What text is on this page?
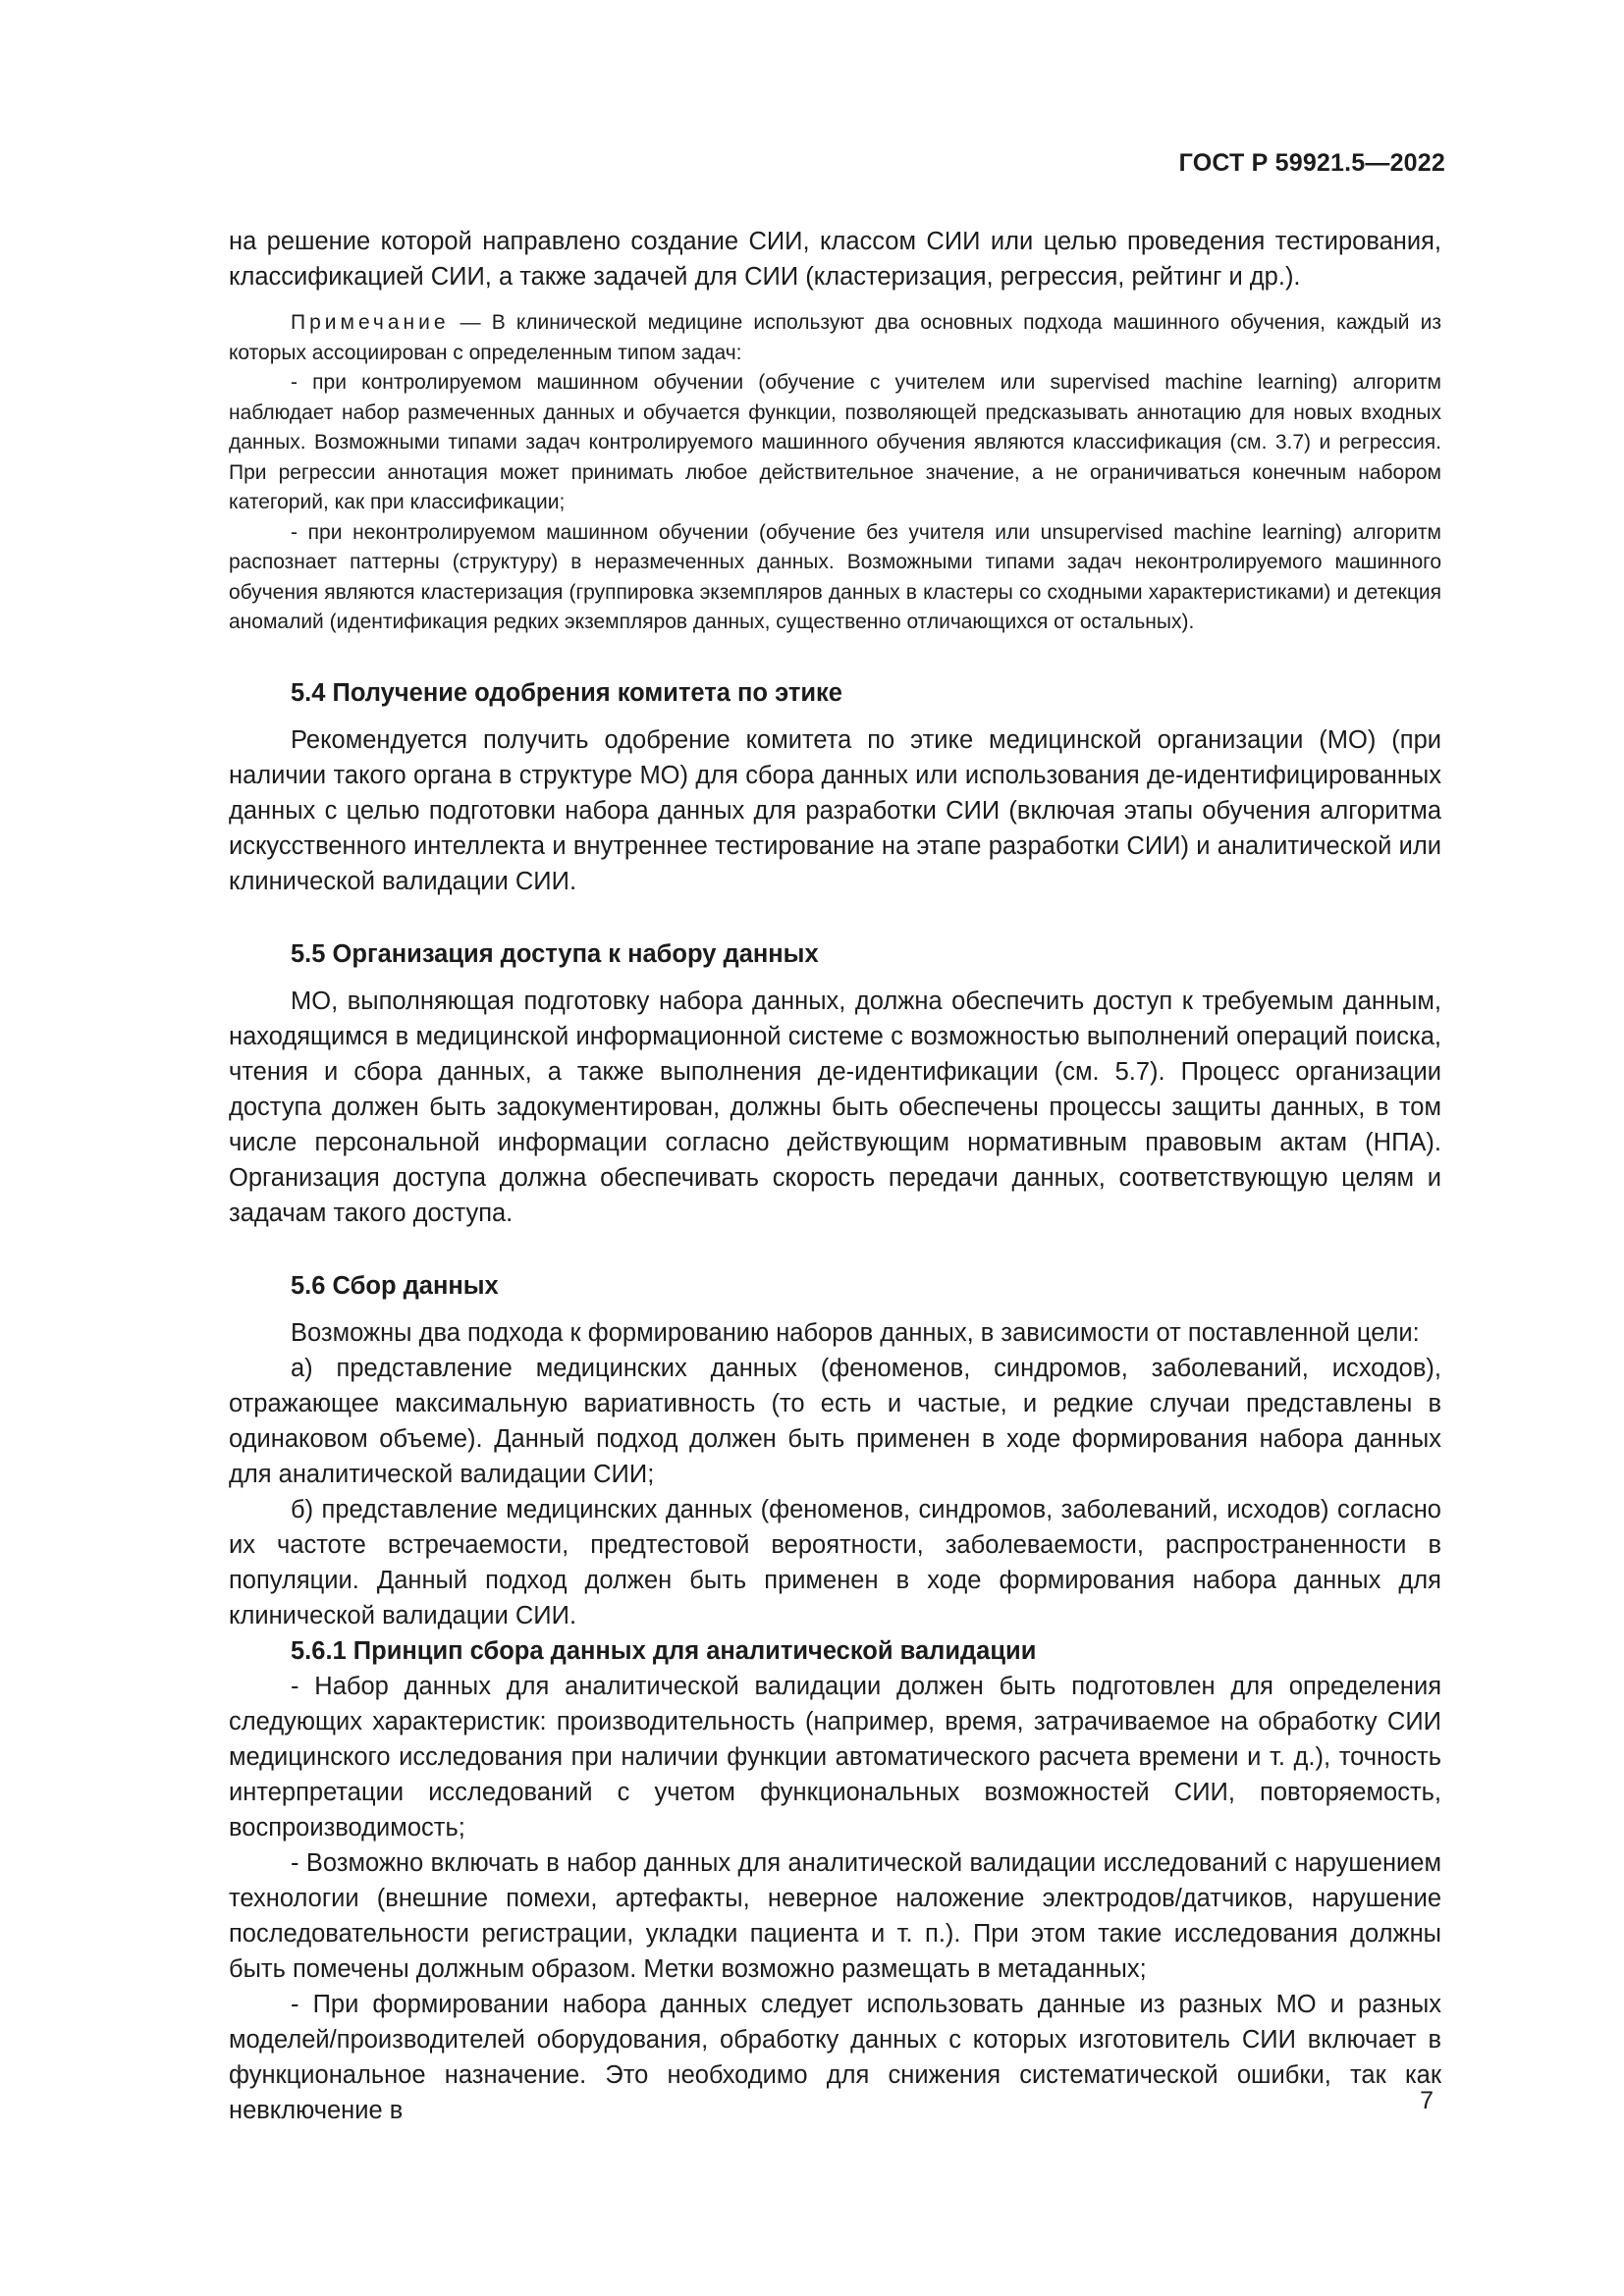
ГОСТ Р 59921.5—2022

на решение которой направлено создание СИИ, классом СИИ или целью проведения тестирования, классификацией СИИ, а также задачей для СИИ (кластеризация, регрессия, рейтинг и др.).

Примечание — В клинической медицине используют два основных подхода машинного обучения, каждый из которых ассоциирован с определенным типом задач:

- при контролируемом машинном обучении (обучение с учителем или supervised machine learning) алгоритм наблюдает набор размеченных данных и обучается функции, позволяющей предсказывать аннотацию для новых входных данных. Возможными типами задач контролируемого машинного обучения являются классификация (см. 3.7) и регрессия. При регрессии аннотация может принимать любое действительное значение, а не ограничиваться конечным набором категорий, как при классификации;

- при неконтролируемом машинном обучении (обучение без учителя или unsupervised machine learning) алгоритм распознает паттерны (структуру) в неразмеченных данных. Возможными типами задач неконтролируемого машинного обучения являются кластеризация (группировка экземпляров данных в кластеры со сходными характеристиками) и детекция аномалий (идентификация редких экземпляров данных, существенно отличающихся от остальных).

5.4 Получение одобрения комитета по этике

Рекомендуется получить одобрение комитета по этике медицинской организации (МО) (при наличии такого органа в структуре МО) для сбора данных или использования де-идентифицированных данных с целью подготовки набора данных для разработки СИИ (включая этапы обучения алгоритма искусственного интеллекта и внутреннее тестирование на этапе разработки СИИ) и аналитической или клинической валидации СИИ.

5.5 Организация доступа к набору данных

МО, выполняющая подготовку набора данных, должна обеспечить доступ к требуемым данным, находящимся в медицинской информационной системе с возможностью выполнений операций поиска, чтения и сбора данных, а также выполнения де-идентификации (см. 5.7). Процесс организации доступа должен быть задокументирован, должны быть обеспечены процессы защиты данных, в том числе персональной информации согласно действующим нормативным правовым актам (НПА). Организация доступа должна обеспечивать скорость передачи данных, соответствующую целям и задачам такого доступа.

5.6 Сбор данных

Возможны два подхода к формированию наборов данных, в зависимости от поставленной цели:

а) представление медицинских данных (феноменов, синдромов, заболеваний, исходов), отражающее максимальную вариативность (то есть и частые, и редкие случаи представлены в одинаковом объеме). Данный подход должен быть применен в ходе формирования набора данных для аналитической валидации СИИ;

б) представление медицинских данных (феноменов, синдромов, заболеваний, исходов) согласно их частоте встречаемости, предтестовой вероятности, заболеваемости, распространенности в популяции. Данный подход должен быть применен в ходе формирования набора данных для клинической валидации СИИ.

5.6.1 Принцип сбора данных для аналитической валидации

- Набор данных для аналитической валидации должен быть подготовлен для определения следующих характеристик: производительность (например, время, затрачиваемое на обработку СИИ медицинского исследования при наличии функции автоматического расчета времени и т. д.), точность интерпретации исследований с учетом функциональных возможностей СИИ, повторяемость, воспроизводимость;

- Возможно включать в набор данных для аналитической валидации исследований с нарушением технологии (внешние помехи, артефакты, неверное наложение электродов/датчиков, нарушение последовательности регистрации, укладки пациента и т. п.). При этом такие исследования должны быть помечены должным образом. Метки возможно размещать в метаданных;

- При формировании набора данных следует использовать данные из разных МО и разных моделей/производителей оборудования, обработку данных с которых изготовитель СИИ включает в функциональное назначение. Это необходимо для снижения систематической ошибки, так как невключение в	7
